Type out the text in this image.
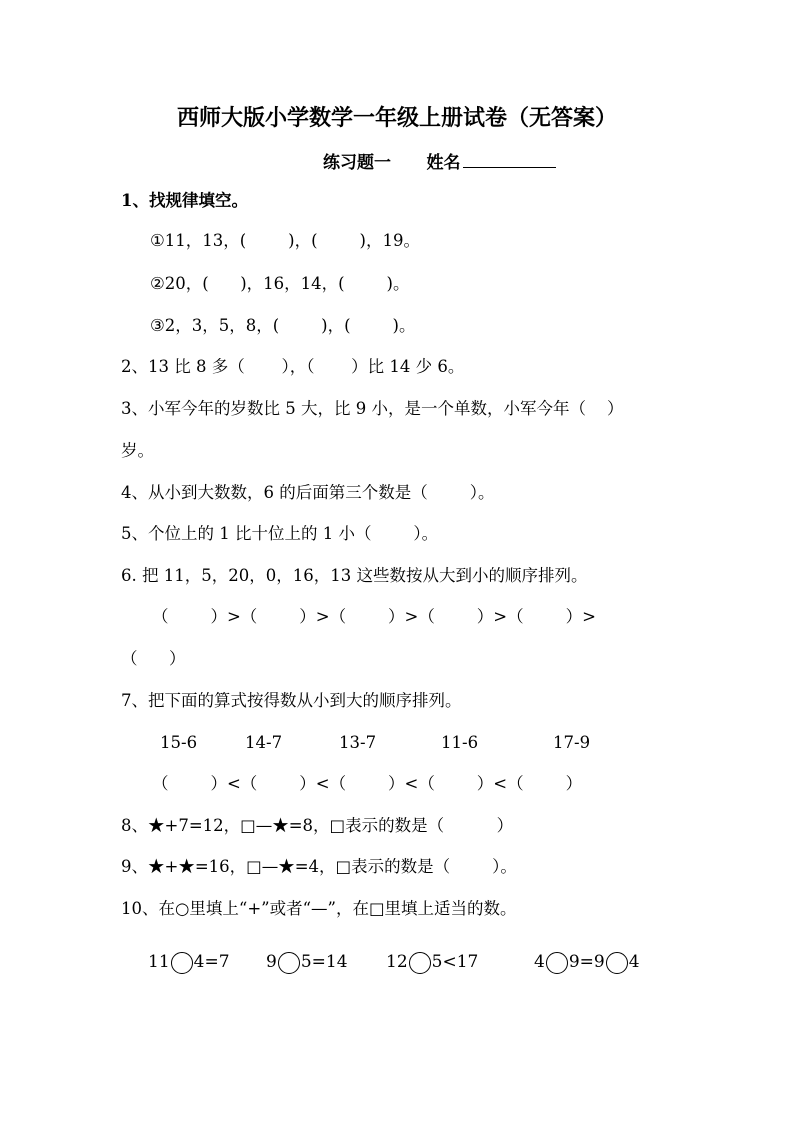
西师大版小学数学一年级上册试卷（无答案）
练习题一      姓名
1、找规律填空。
①11，13，(        )，(        )，19。
②20，(      )，16，14，(        )。
③2，3，5，8，(        )，(        )。
2、13 比 8 多（       ），（       ）比 14 少 6。
3、小军今年的岁数比 5 大，比 9 小，是一个单数，小军今年（    ）
岁。
4、从小到大数数，6 的后面第三个数是（        ）。
5、个位上的 1 比十位上的 1 小（        ）。
6. 把 11，5，20，0，16，13 这些数按从大到小的顺序排列。
（        ）>（        ）>（        ）>（        ）>（        ）>
（      ）
7、把下面的算式按得数从小到大的顺序排列。
15-6	14-7	13-7	11-6	17-9
（        ）<（        ）<（        ）<（        ）<（        ）
8、★+7=12，□—★=8，□表示的数是（          ）
9、★+★=16，□—★=4，□表示的数是（        ）。
10、在○里填上“+”或者“—”，在□里填上适当的数。
11 4=7 9 5=14 12 5<17	4 9=9 4
